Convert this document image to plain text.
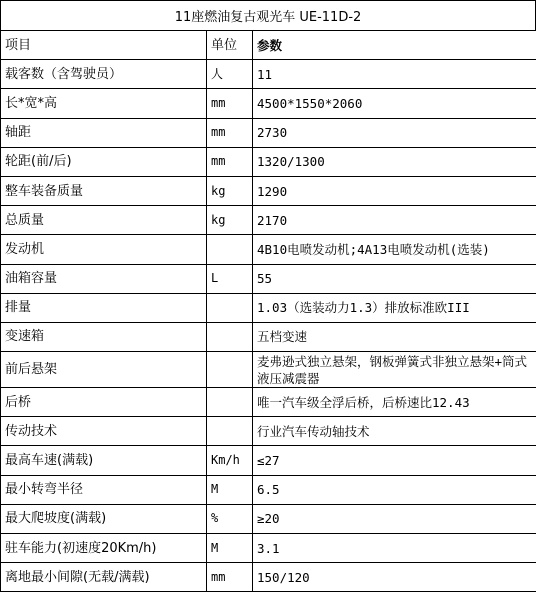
11座燃油复古观光车 UE-11D-2
项目	单位	参数
载客数（含驾驶员）	人	11
长*宽*高	mm	4500*1550*2060
轴距	mm	2730
轮距(前/后)	mm	1320/1300
整车装备质量	kg	1290
总质量	kg	2170
发动机		4B10电喷发动机;4A13电喷发动机(选装)
油箱容量	L	55
排量		1.03（选装动力1.3）排放标准欧III
变速箱		五档变速
前后悬架		麦弗逊式独立悬架，钢板弹簧式非独立悬架+筒式液压减震器
后桥		唯一汽车级全浮后桥，后桥速比12.43
传动技术		行业汽车传动轴技术
最高车速(满载)	Km/h	≤27
最小转弯半径	M	6.5
最大爬坡度(满载)	%	≥20
驻车能力(初速度20Km/h)	M	3.1
离地最小间隙(无载/满载)	mm	150/120
